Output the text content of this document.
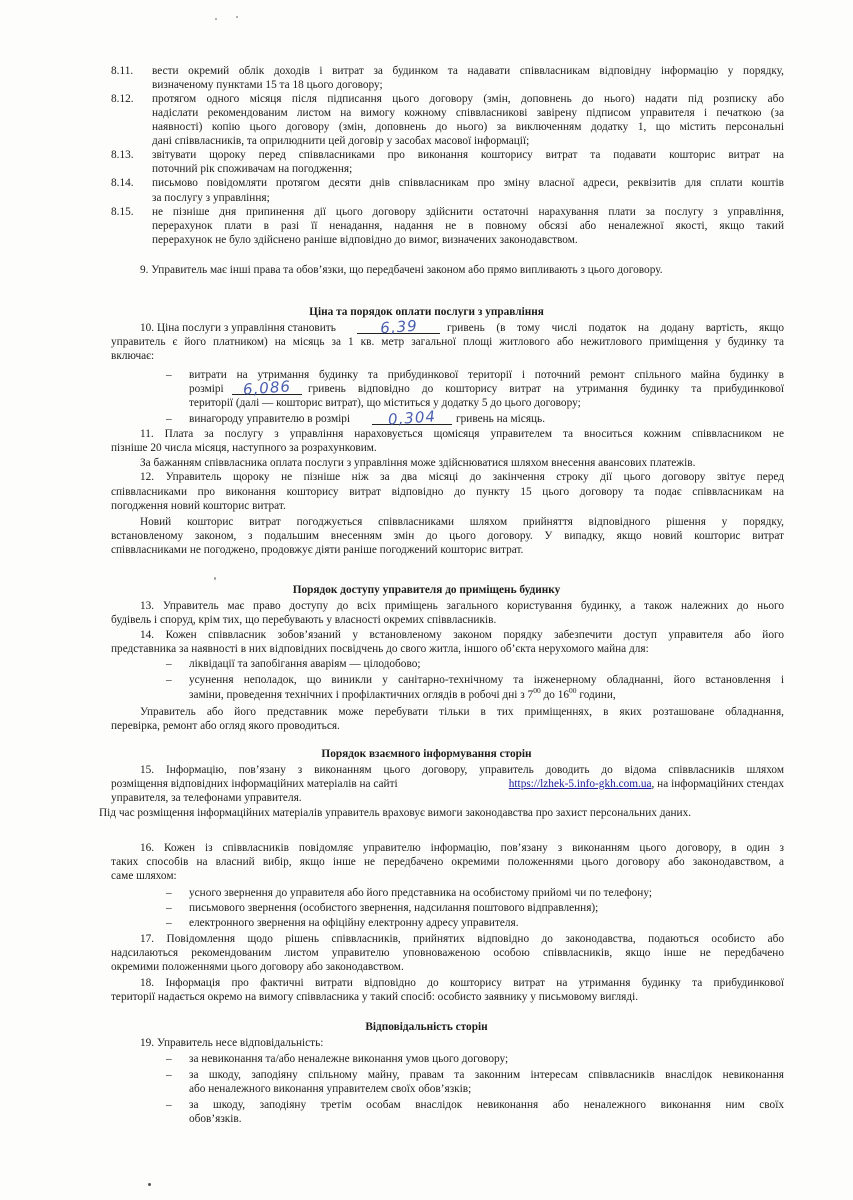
8.11. вести окремий облік доходів і витрат за будинком та надавати співвласникам відповідну інформацію у порядку,
визначеному пунктами 15 та 18 цього договору;
8.12. протягом одного місяця після підписання цього договору (змін, доповнень до нього) надати під розписку або
надіслати рекомендованим листом на вимогу кожному співвласникові завірену підписом управителя і печаткою (за
наявності) копію цього договору (змін, доповнень до нього) за виключенням додатку 1, що містить персональні
дані співвласників, та оприлюднити цей договір у засобах масової інформації;
8.13. звітувати щороку перед співвласниками про виконання кошторису витрат та подавати кошторис витрат на
поточний рік споживачам на погодження;
8.14. письмово повідомляти протягом десяти днів співвласникам про зміну власної адреси, реквізитів для сплати коштів
за послугу з управління;
8.15. не пізніше дня припинення дії цього договору здійснити остаточні нарахування плати за послугу з управління,
перерахунок плати в разі її ненадання, надання не в повному обсязі або неналежної якості, якщо такий
перерахунок не було здійснено раніше відповідно до вимог, визначених законодавством.
9. Управитель має інші права та обов’язки, що передбачені законом або прямо випливають з цього договору.
Ціна та порядок оплати послуги з управління
10. Ціна послуги з управління становить	6,39	гривень (в тому числі податок на додану вартість, якщо
управитель є його платником) на місяць за 1 кв. метр загальної площі житлового або нежитлового приміщення у будинку та
включає:
– витрати на утримання будинку та прибудинкової території і поточний ремонт спільного майна будинку в
розмірі 6,086 гривень відповідно до кошторису витрат на утримання будинку та прибудинкової
території (далі — кошторис витрат), що міститься у додатку 5 до цього договору;
– винагороду управителю в розмірі 0,304 гривень на місяць.
11. Плата за послугу з управління нараховується щомісяця управителем та вноситься кожним співвласником не
пізніше 20 числа місяця, наступного за розрахунковим.
За бажанням співвласника оплата послуги з управління може здійснюватися шляхом внесення авансових платежів.
12. Управитель щороку не пізніше ніж за два місяці до закінчення строку дії цього договору звітує перед
співвласниками про виконання кошторису витрат відповідно до пункту 15 цього договору та подає співвласникам на
погодження новий кошторис витрат.
Новий кошторис витрат погоджується співвласниками шляхом прийняття відповідного рішення у порядку,
встановленому законом, з подальшим внесенням змін до цього договору. У випадку, якщо новий кошторис витрат
співвласниками не погоджено, продовжує діяти раніше погоджений кошторис витрат.
Порядок доступу управителя до приміщень будинку
13. Управитель має право доступу до всіх приміщень загального користування будинку, а також належних до нього
будівель і споруд, крім тих, що перебувають у власності окремих співвласників.
14. Кожен співвласник зобов’язаний у встановленому законом порядку забезпечити доступ управителя або його
представника за наявності в них відповідних посвідчень до свого житла, іншого об’єкта нерухомого майна для:
– ліквідації та запобігання аваріям — цілодобово;
– усунення неполадок, що виникли у санітарно-технічному та інженерному обладнанні, його встановлення і
заміни, проведення технічних і профілактичних оглядів в робочі дні з $7^{00}$ до $16^{00}$ години,
Управитель або його представник може перебувати тільки в тих приміщеннях, в яких розташоване обладнання,
перевірка, ремонт або огляд якого проводиться.
Порядок взаємного інформування сторін
15. Інформацію, пов’язану з виконанням цього договору, управитель доводить до відома співвласників шляхом
розміщення відповідних інформаційних матеріалів на сайті	https://lzhek-5.info-gkh.com.ua , на інформаційних стендах
управителя, за телефонами управителя.
Під час розміщення інформаційних матеріалів управитель враховує вимоги законодавства про захист персональних даних.
16. Кожен із співвласників повідомляє управителю інформацію, пов’язану з виконанням цього договору, в один з
таких способів на власний вибір, якщо інше не передбачено окремими положеннями цього договору або законодавством, а
саме шляхом:
– усного звернення до управителя або його представника на особистому прийомі чи по телефону;
– письмового звернення (особистого звернення, надсилання поштового відправлення);
– електронного звернення на офіційну електронну адресу управителя.
17. Повідомлення щодо рішень співвласників, прийнятих відповідно до законодавства, подаються особисто або
надсилаються рекомендованим листом управителю уповноваженою особою співвласників, якщо інше не передбачено
окремими положеннями цього договору або законодавством.
18. Інформація про фактичні витрати відповідно до кошторису витрат на утримання будинку та прибудинкової
території надається окремо на вимогу співвласника у такий спосіб: особисто заявнику у письмовому вигляді.
Відповідальність сторін
19. Управитель несе відповідальність:
– за невиконання та/або неналежне виконання умов цього договору;
– за шкоду, заподіяну спільному майну, правам та законним інтересам співвласників внаслідок невиконання
або неналежного виконання управителем своїх обов’язків;
– за шкоду, заподіяну третім особам внаслідок невиконання або неналежного виконання ним своїх
обов’язків.
